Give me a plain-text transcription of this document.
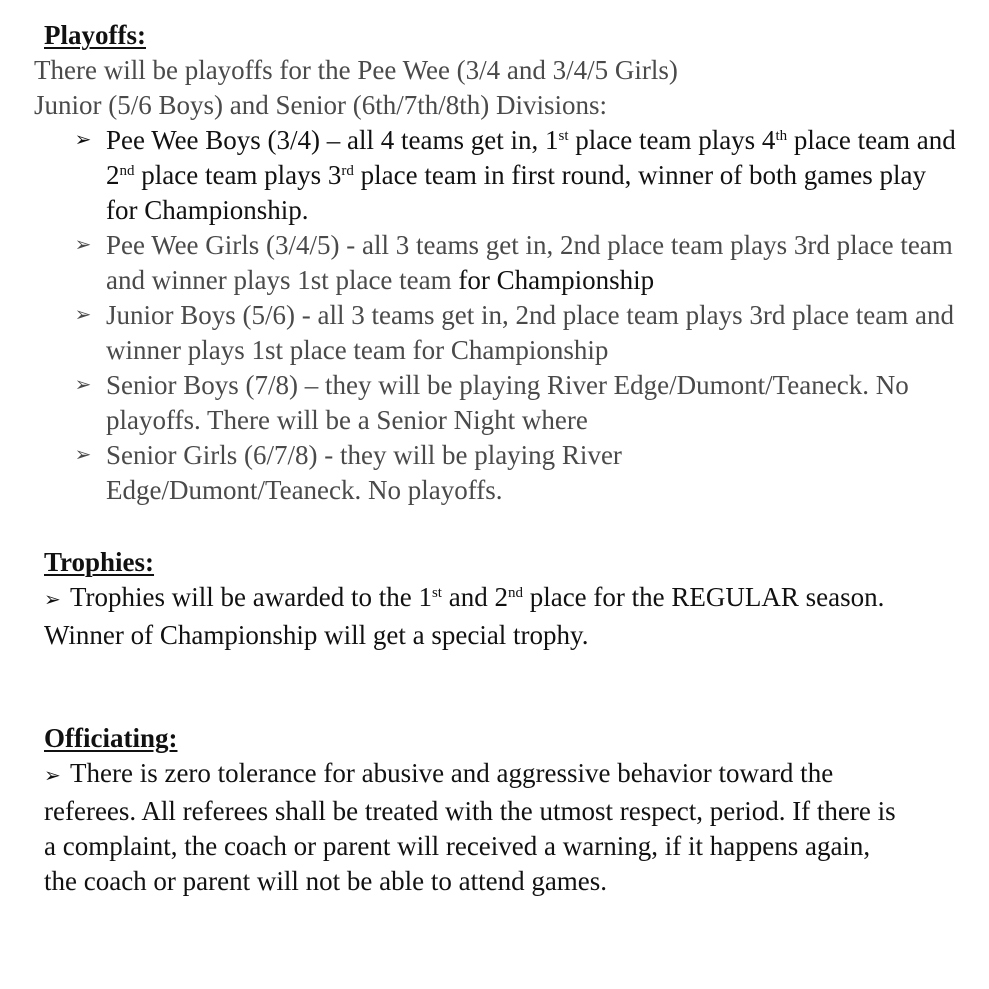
Playoffs:
There will be playoffs for the Pee Wee (3/4 and 3/4/5 Girls) Junior (5/6 Boys) and Senior (6th/7th/8th) Divisions:
➢ Pee Wee Boys (3/4) – all 4 teams get in, 1st place team plays 4th place team and 2nd place team plays 3rd place team in first round, winner of both games play for Championship.
➢ Pee Wee Girls (3/4/5) - all 3 teams get in, 2nd place team plays 3rd place team and winner plays 1st place team for Championship
➢ Junior Boys (5/6) - all 3 teams get in, 2nd place team plays 3rd place team and winner plays 1st place team for Championship
➢ Senior Boys (7/8) – they will be playing River Edge/Dumont/Teaneck. No playoffs. There will be a Senior Night where
➢ Senior Girls (6/7/8) - they will be playing River Edge/Dumont/Teaneck. No playoffs.
Trophies:
➢ Trophies will be awarded to the 1st and 2nd place for the REGULAR season. Winner of Championship will get a special trophy.
Officiating:
➢ There is zero tolerance for abusive and aggressive behavior toward the referees. All referees shall be treated with the utmost respect, period. If there is a complaint, the coach or parent will received a warning, if it happens again, the coach or parent will not be able to attend games.
